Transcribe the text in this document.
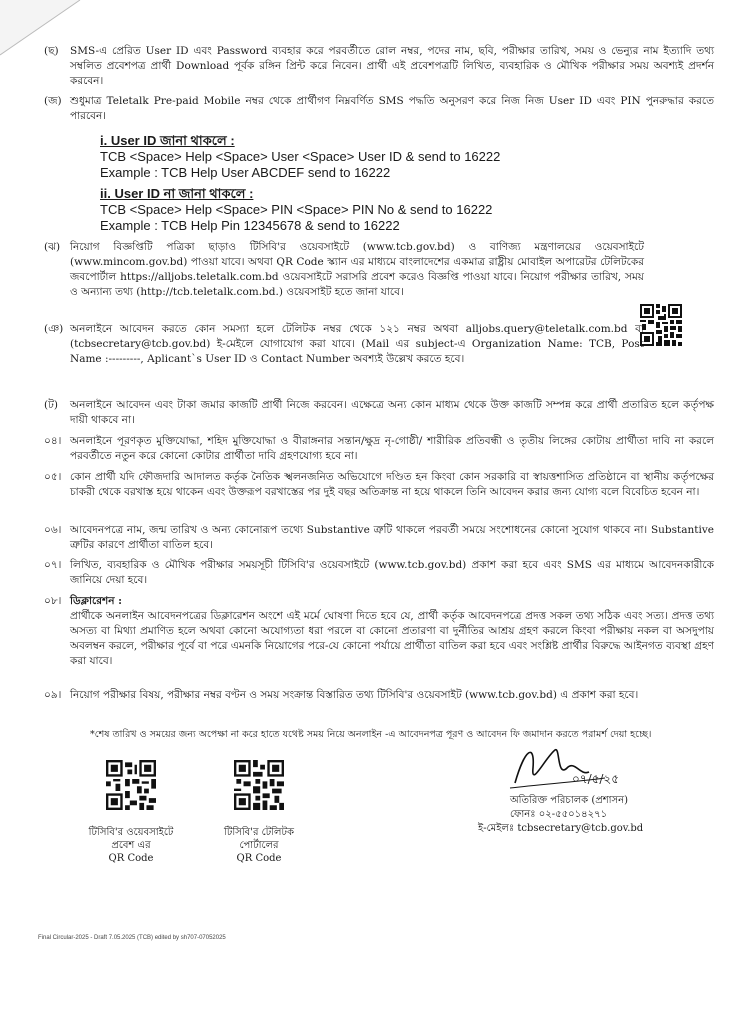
(ছ) SMS-এ প্রেরিত User ID এবং Password ব্যবহার করে পরবর্তীতে রোল নম্বর, পদের নাম, ছবি, পরীক্ষার তারিখ, সময় ও ভেন্যুর নাম ইত্যাদি তথ্য সম্বলিত প্রবেশপত্র প্রার্থী Download পূর্বক রঙ্গিন প্রিন্ট করে নিবেন। প্রার্থী এই প্রবেশপত্রটি লিখিত, ব্যবহারিক ও মৌখিক পরীক্ষার সময় অবশ্যই প্রদর্শন করবেন।

(জ) শুধুমাত্র Teletalk Pre-paid Mobile নম্বর থেকে প্রার্থীগণ নিম্নবর্ণিত SMS পদ্ধতি অনুসরণ করে নিজ নিজ User ID এবং PIN পুনরুদ্ধার করতে পারবেন।

i. User ID জানা থাকলে :

TCB <Space> Help <Space> User <Space> User ID & send to 16222

Example : TCB Help User ABCDEF send to 16222

ii. User ID না জানা থাকলে :

TCB <Space> Help <Space> PIN <Space> PIN No & send to 16222

Example : TCB Help Pin 12345678 & send to 16222

(ঝ) নিয়োগ বিজ্ঞপ্তিটি পত্রিকা ছাড়াও টিসিবি'র ওয়েবসাইটে (www.tcb.gov.bd) ও বাণিজ্য মন্ত্রণালয়ের ওয়েবসাইটে (www.mincom.gov.bd) পাওয়া যাবে। অথবা QR Code স্ক্যান এর মাধ্যমে বাংলাদেশের একমাত্র রাষ্ট্রীয় মোবাইল অপারেটর টেলিটকের জবপোর্টাল https://alljobs.teletalk.com.bd ওয়েবসাইটে সরাসরি প্রবেশ করেও বিজ্ঞপ্তি পাওয়া যাবে। নিয়োগ পরীক্ষার তারিখ, সময় ও অন্যান্য তথ্য (http://tcb.teletalk.com.bd.) ওয়েবসাইট হতে জানা যাবে।

(ঞ) অনলাইনে আবেদন করতে কোন সমস্যা হলে টেলিটক নম্বর থেকে ১২১ নম্বর অথবা alljobs.query@teletalk.com.bd বা (tcbsecretary@tcb.gov.bd) ই-মেইলে যোগাযোগ করা যাবে। (Mail এর subject-এ Organization Name: TCB, Post Name :---------, Aplicant`s User ID ও Contact Number অবশ্যই উল্লেখ করতে হবে।

(ট) অনলাইনে আবেদন এবং টাকা জমার কাজটি প্রার্থী নিজে করবেন। এক্ষেত্রে অন্য কোন মাধ্যম থেকে উক্ত কাজটি সম্পন্ন করে প্রার্থী প্রতারিত হলে কর্তৃপক্ষ দায়ী থাকবে না।

০৪। অনলাইনে পূরণকৃত মুক্তিযোদ্ধা, শহিদ মুক্তিযোদ্ধা ও বীরাঙ্গনার সন্তান/ক্ষুদ্র নৃ-গোষ্ঠী/ শারীরিক প্রতিবন্ধী ও তৃতীয় লিঙ্গের কোটায় প্রার্থীতা দাবি না করলে পরবর্তীতে নতুন করে কোনো কোটার প্রার্থীতা দাবি গ্রহণযোগ্য হবে না।

০৫। কোন প্রার্থী যদি ফৌজদারি আদালত কর্তৃক নৈতিক স্খলনজনিত অভিযোগে দণ্ডিত হন কিংবা কোন সরকারি বা স্বায়ত্তশাসিত প্রতিষ্ঠানে বা স্থানীয় কর্তৃপক্ষের চাকরী থেকে বরখাস্ত হয়ে থাকেন এবং উক্তরূপ বরখাস্তের পর দুই বছর অতিক্রান্ত না হয়ে থাকলে তিনি আবেদন করার জন্য যোগ্য বলে বিবেচিত হবেন না।

০৬। আবেদনপত্রে নাম, জন্ম তারিখ ও অন্য কোনোরূপ তথ্যে Substantive ত্রুটি থাকলে পরবর্তী সময়ে সংশোধনের কোনো সুযোগ থাকবে না। Substantive ত্রুটির কারণে প্রার্থীতা বাতিল হবে।

০৭। লিখিত, ব্যবহারিক ও মৌখিক পরীক্ষার সময়সূচী টিসিবি'র ওয়েবসাইটে (www.tcb.gov.bd) প্রকাশ করা হবে এবং SMS এর মাধ্যমে আবেদনকারীকে জানিয়ে দেয়া হবে।

০৮। ডিক্লারেশন :

প্রার্থীকে অনলাইন আবেদনপত্রের ডিক্লারেশন অংশে এই মর্মে ঘোষণা দিতে হবে যে, প্রার্থী কর্তৃক আবেদনপত্রে প্রদত্ত সকল তথ্য সঠিক এবং সত্য। প্রদত্ত তথ্য অসত্য বা মিথ্যা প্রমাণিত হলে অথবা কোনো অযোগ্যতা ধরা পরলে বা কোনো প্রতারণা বা দুর্নীতির আশ্রয় গ্রহণ করলে কিংবা পরীক্ষায় নকল বা অসদুপায় অবলম্বন করলে, পরীক্ষার পূর্বে বা পরে এমনকি নিয়োগের পরে-যে কোনো পর্যায়ে প্রার্থীতা বাতিল করা হবে এবং সংশ্লিষ্ট প্রার্থীর বিরুদ্ধে আইনগত ব্যবস্থা গ্রহণ করা যাবে।

০৯। নিয়োগ পরীক্ষার বিষয়, পরীক্ষার নম্বর বণ্টন ও সময় সংক্রান্ত বিস্তারিত তথ্য টিসিবি'র ওয়েবসাইট (www.tcb.gov.bd) এ প্রকাশ করা হবে।

*শেষ তারিখ ও সময়ের জন্য অপেক্ষা না করে হাতে যথেষ্ট সময় নিয়ে অনলাইন -এ আবেদনপত্র পূরণ ও আবেদন ফি জমাদান করতে পরামর্শ দেয়া হচ্ছে।
টিসিবি'র ওয়েবসাইটে
প্রবেশ এর
QR Code
টিসিবি'র টেলিটক
পোর্টালের
QR Code
০৭/৫/২৫
অতিরিক্ত পরিচালক (প্রশাসন)
ফোনঃ ০২-৫৫০১৪২৭১
ই-মেইলঃ tcbsecretary@tcb.gov.bd
Final Circular-2025 - Draft 7.05.2025 (TCB) edited by sh707-07052025
